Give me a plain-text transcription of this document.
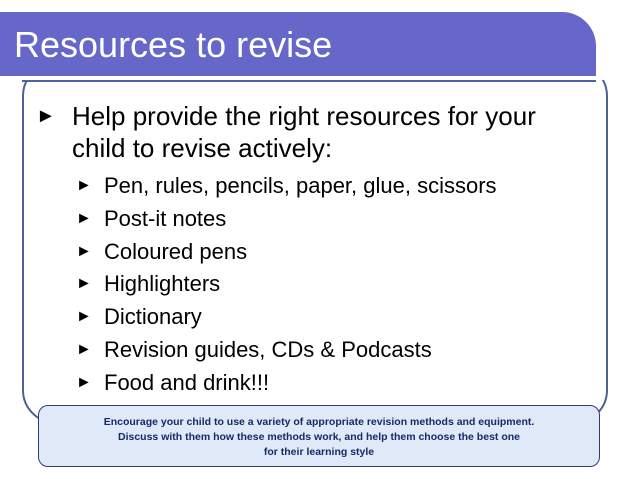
Resources to revise
► Help provide the right resources for your child to revise actively:
► Pen, rules, pencils, paper, glue, scissors
► Post-it notes
► Coloured pens
► Highlighters
► Dictionary
► Revision guides, CDs & Podcasts
► Food and drink!!!
Encourage your child to use a variety of appropriate revision methods and equipment.
Discuss with them how these methods work, and help them choose the best one
for their learning style
